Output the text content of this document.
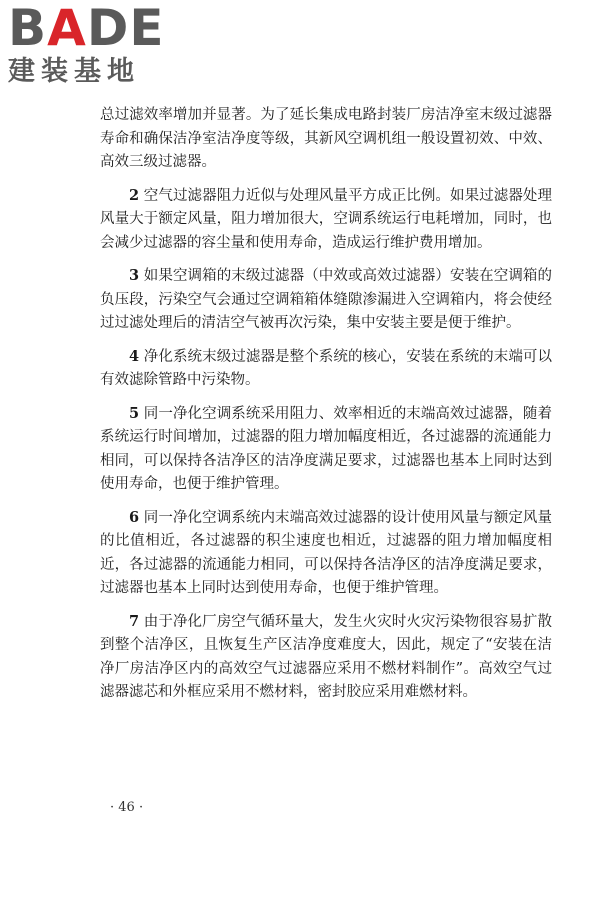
BADE
建装基地

总过滤效率增加并显著。为了延长集成电路封装厂房洁净室末级过滤器寿命和确保洁净室洁净度等级，其新风空调机组一般设置初效、中效、高效三级过滤器。

2 空气过滤器阻力近似与处理风量平方成正比例。如果过滤器处理风量大于额定风量，阻力增加很大，空调系统运行电耗增加，同时，也会减少过滤器的容尘量和使用寿命，造成运行维护费用增加。

3 如果空调箱的末级过滤器（中效或高效过滤器）安装在空调箱的负压段，污染空气会通过空调箱箱体缝隙渗漏进入空调箱内，将会使经过过滤处理后的清洁空气被再次污染，集中安装主要是便于维护。

4 净化系统末级过滤器是整个系统的核心，安装在系统的末端可以有效滤除管路中污染物。

5 同一净化空调系统采用阻力、效率相近的末端高效过滤器，随着系统运行时间增加，过滤器的阻力增加幅度相近，各过滤器的流通能力相同，可以保持各洁净区的洁净度满足要求，过滤器也基本上同时达到使用寿命，也便于维护管理。

6 同一净化空调系统内末端高效过滤器的设计使用风量与额定风量的比值相近，各过滤器的积尘速度也相近，过滤器的阻力增加幅度相近，各过滤器的流通能力相同，可以保持各洁净区的洁净度满足要求，过滤器也基本上同时达到使用寿命，也便于维护管理。

7 由于净化厂房空气循环量大，发生火灾时火灾污染物很容易扩散到整个洁净区，且恢复生产区洁净度难度大，因此，规定了“安装在洁净厂房洁净区内的高效空气过滤器应采用不燃材料制作”。高效空气过滤器滤芯和外框应采用不燃材料，密封胶应采用难燃材料。

· 46 ·
